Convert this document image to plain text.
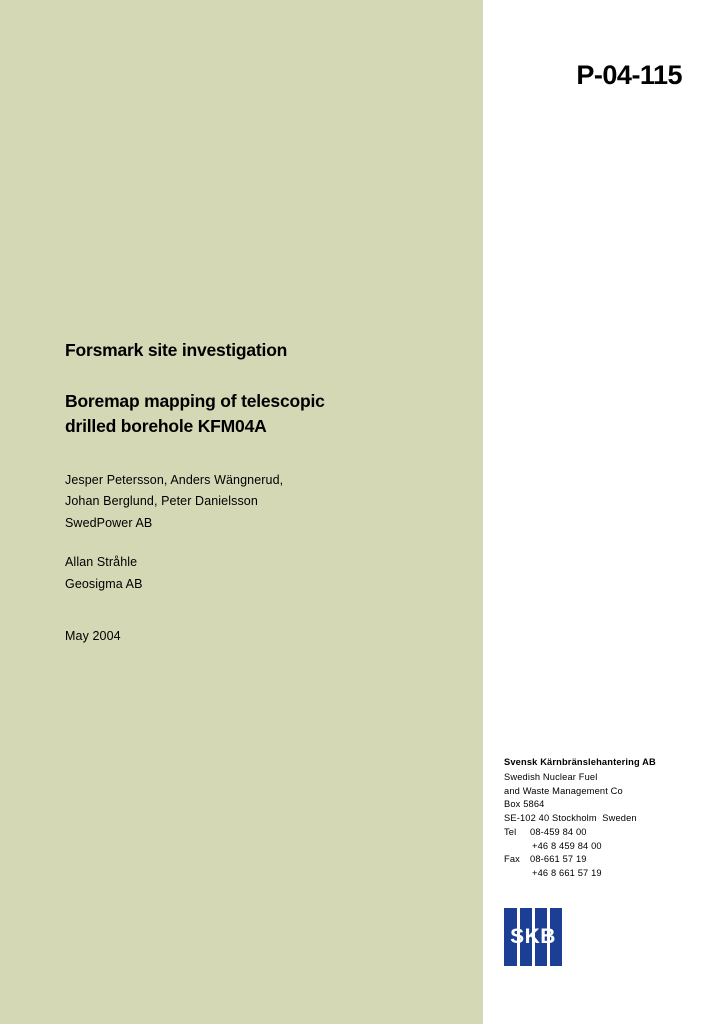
P-04-115
Forsmark site investigation
Boremap mapping of telescopic
drilled borehole KFM04A
Jesper Petersson, Anders Wängnerud,
Johan Berglund, Peter Danielsson
SwedPower AB
Allan Stråhle
Geosigma AB
May 2004
Svensk Kärnbränslehantering AB
Swedish Nuclear Fuel
and Waste Management Co
Box 5864
SE-102 40 Stockholm  Sweden
Tel 08-459 84 00
+46 8 459 84 00
Fax 08-661 57 19
+46 8 661 57 19
SKB
